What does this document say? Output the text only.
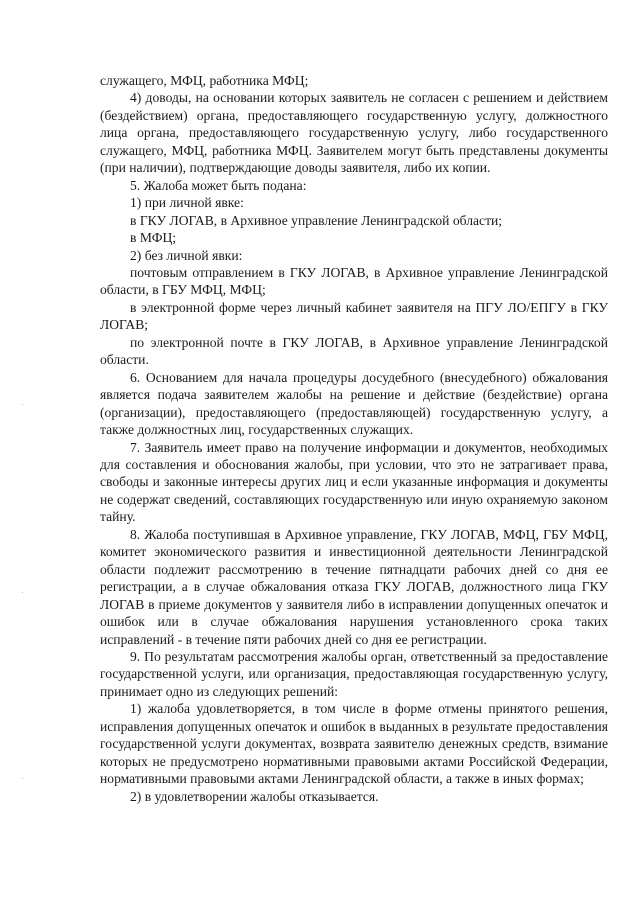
служащего, МФЦ, работника МФЦ;

4) доводы, на основании которых заявитель не согласен с решением и действием (бездействием) органа, предоставляющего государственную услугу, должностного лица органа, предоставляющего государственную услугу, либо государственного служащего, МФЦ, работника МФЦ. Заявителем могут быть представлены документы (при наличии), подтверждающие доводы заявителя, либо их копии.

5. Жалоба может быть подана:

1) при личной явке:

в ГКУ ЛОГАВ, в Архивное управление Ленинградской области;

в МФЦ;

2) без личной явки:

почтовым отправлением в ГКУ ЛОГАВ, в Архивное управление Ленинградской области, в ГБУ МФЦ, МФЦ;

в электронной форме через личный кабинет заявителя на ПГУ ЛО/ЕПГУ в ГКУ ЛОГАВ;

по электронной почте в ГКУ ЛОГАВ, в Архивное управление Ленинградской области.

6. Основанием для начала процедуры досудебного (внесудебного) обжалования является подача заявителем жалобы на решение и действие (бездействие) органа (организации), предоставляющего (предоставляющей) государственную услугу, а также должностных лиц, государственных служащих.

7. Заявитель имеет право на получение информации и документов, необходимых для составления и обоснования жалобы, при условии, что это не затрагивает права, свободы и законные интересы других лиц и если указанные информация и документы не содержат сведений, составляющих государственную или иную охраняемую законом тайну.

8. Жалоба поступившая в Архивное управление, ГКУ ЛОГАВ, МФЦ, ГБУ МФЦ, комитет экономического развития и инвестиционной деятельности Ленинградской области подлежит рассмотрению в течение пятнадцати рабочих дней со дня ее регистрации, а в случае обжалования отказа ГКУ ЛОГАВ, должностного лица ГКУ ЛОГАВ в приеме документов у заявителя либо в исправлении допущенных опечаток и ошибок или в случае обжалования нарушения установленного срока таких исправлений - в течение пяти рабочих дней со дня ее регистрации.

9. По результатам рассмотрения жалобы орган, ответственный за предоставление государственной услуги, или организация, предоставляющая государственную услугу, принимает одно из следующих решений:

1) жалоба удовлетворяется, в том числе в форме отмены принятого решения, исправления допущенных опечаток и ошибок в выданных в результате предоставления государственной услуги документах, возврата заявителю денежных средств, взимание которых не предусмотрено нормативными правовыми актами Российской Федерации, нормативными правовыми актами Ленинградской области, а также в иных формах;

2) в удовлетворении жалобы отказывается.
